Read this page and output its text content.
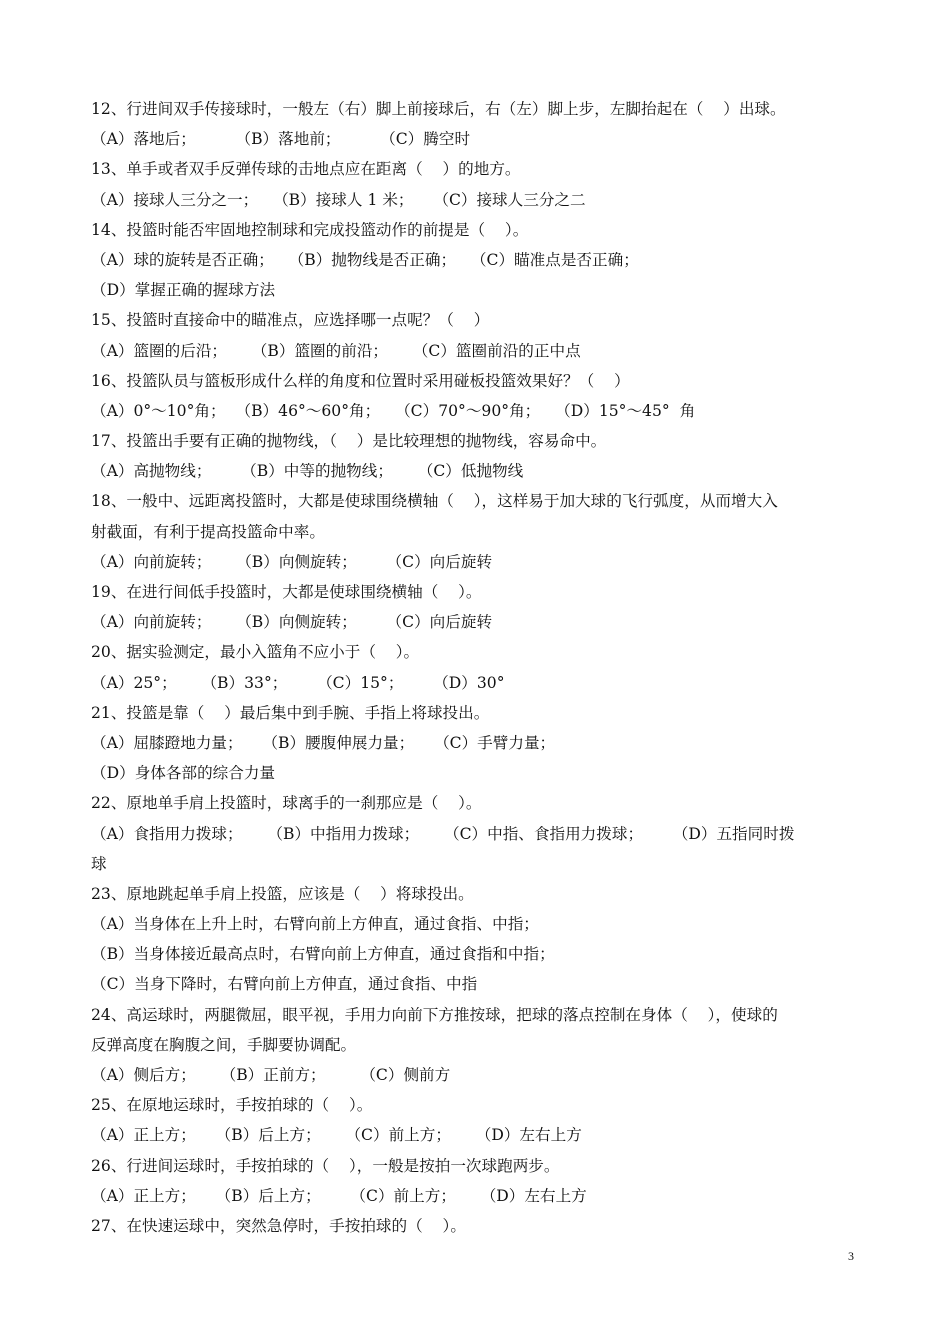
12、行进间双手传接球时，一般左（右）脚上前接球后，右（左）脚上步，左脚抬起在（    ）出球。
（A）落地后；        （B）落地前；        （C）腾空时
13、单手或者双手反弹传球的击地点应在距离（    ）的地方。
（A）接球人三分之一；   （B）接球人 1 米；    （C）接球人三分之二
14、投篮时能否牢固地控制球和完成投篮动作的前提是（    ）。
（A）球的旋转是否正确；   （B）抛物线是否正确；   （C）瞄准点是否正确；
（D）掌握正确的握球方法
15、投篮时直接命中的瞄准点，应选择哪一点呢？（    ）
（A）篮圈的后沿；     （B）篮圈的前沿；     （C）篮圈前沿的正中点
16、投篮队员与篮板形成什么样的角度和位置时采用碰板投篮效果好？（    ）
（A）0°～10°角；  （B）46°～60°角；   （C）70°～90°角；   （D）15°～45°  角
17、投篮出手要有正确的抛物线，（    ）是比较理想的抛物线，容易命中。
（A）高抛物线；      （B）中等的抛物线；     （C）低抛物线
18、一般中、远距离投篮时，大都是使球围绕横轴（    ），这样易于加大球的飞行弧度，从而增大入
射截面，有利于提高投篮命中率。
（A）向前旋转；     （B）向侧旋转；      （C）向后旋转
19、在进行间低手投篮时，大都是使球围绕横轴（    ）。
（A）向前旋转；     （B）向侧旋转；      （C）向后旋转
20、据实验测定，最小入篮角不应小于（    ）。
（A）25°；     （B）33°；      （C）15°；      （D）30°
21、投篮是靠（    ）最后集中到手腕、手指上将球投出。
（A）屈膝蹬地力量；    （B）腰腹伸展力量；    （C）手臂力量；
（D）身体各部的综合力量
22、原地单手肩上投篮时，球离手的一刹那应是（    ）。
（A）食指用力拨球；     （B）中指用力拨球；     （C）中指、食指用力拨球；      （D）五指同时拨
球
23、原地跳起单手肩上投篮，应该是（    ）将球投出。
（A）当身体在上升上时，右臂向前上方伸直，通过食指、中指；
（B）当身体接近最高点时，右臂向前上方伸直，通过食指和中指；
（C）当身下降时，右臂向前上方伸直，通过食指、中指
24、高运球时，两腿微屈，眼平视，手用力向前下方推按球，把球的落点控制在身体（    ），使球的
反弹高度在胸腹之间，手脚要协调配。
（A）侧后方；     （B）正前方；       （C）侧前方
25、在原地运球时，手按拍球的（    ）。
（A）正上方；    （B）后上方；     （C）前上方；     （D）左右上方
26、行进间运球时，手按拍球的（    ），一般是按拍一次球跑两步。
（A）正上方；    （B）后上方；      （C）前上方；     （D）左右上方
27、在快速运球中，突然急停时，手按拍球的（    ）。
3
